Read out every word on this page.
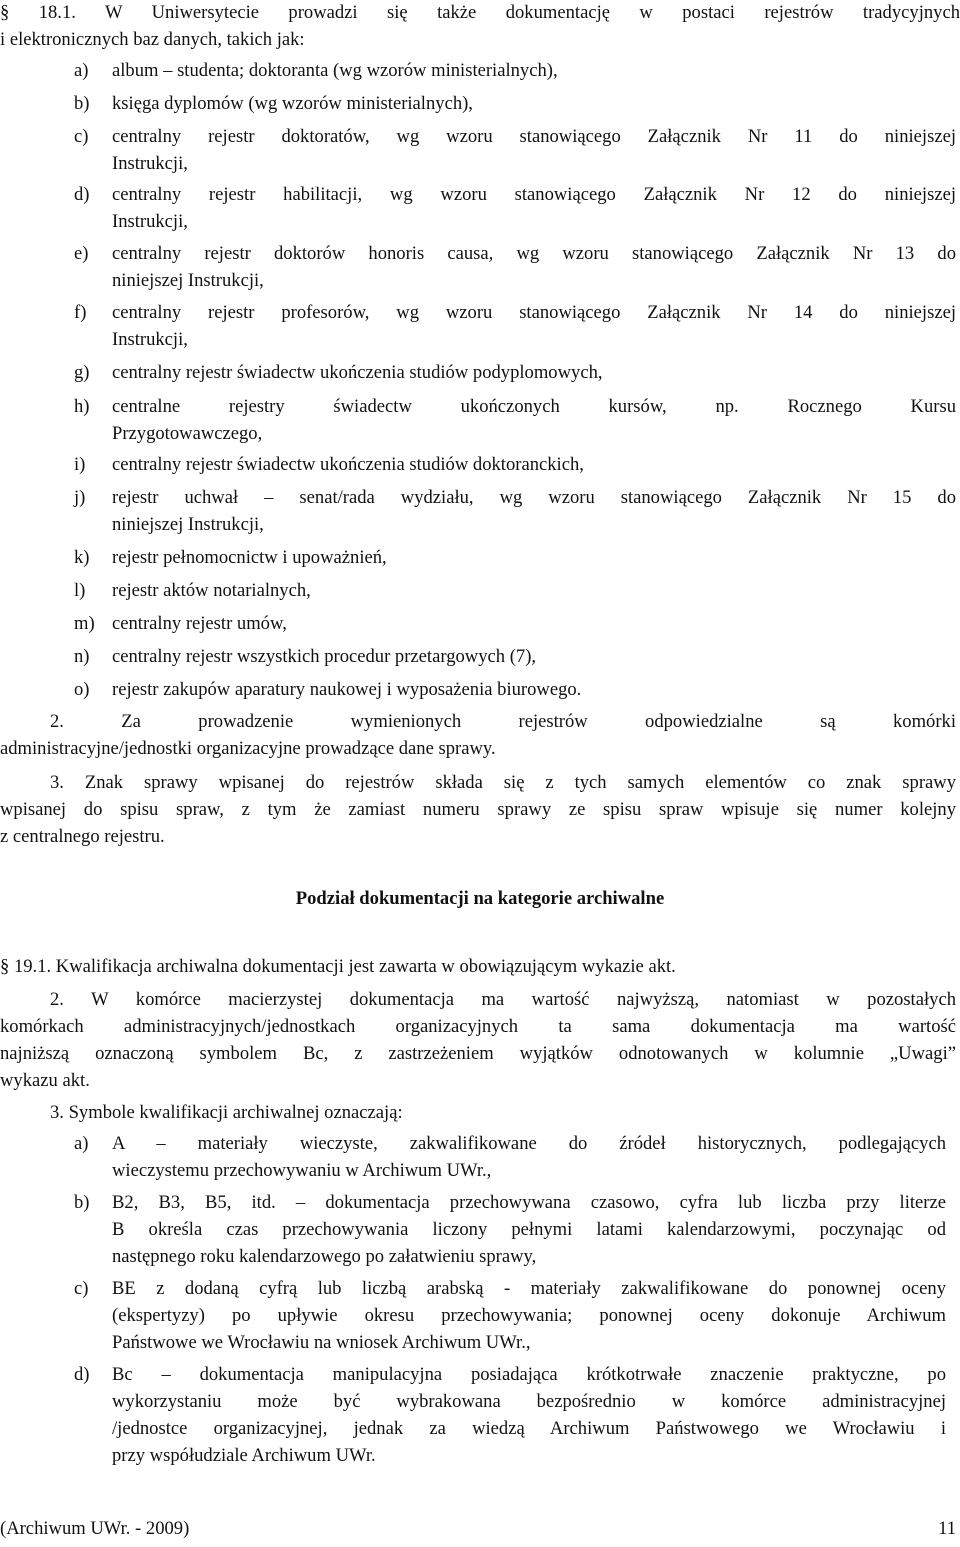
§ 18.1. W Uniwersytecie prowadzi się także dokumentację w postaci rejestrów tradycyjnych
i elektronicznych baz danych, takich jak:
a) album – studenta; doktoranta (wg wzorów ministerialnych),
b) księga dyplomów (wg wzorów ministerialnych),
c) centralny rejestr doktoratów, wg wzoru stanowiącego Załącznik Nr 11 do niniejszej
Instrukcji,
d) centralny rejestr habilitacji, wg wzoru stanowiącego Załącznik Nr 12 do niniejszej
Instrukcji,
e) centralny rejestr doktorów honoris causa, wg wzoru stanowiącego Załącznik Nr 13 do
niniejszej Instrukcji,
f) centralny rejestr profesorów, wg wzoru stanowiącego Załącznik Nr 14 do niniejszej
Instrukcji,
g) centralny rejestr świadectw ukończenia studiów podyplomowych,
h) centralne rejestry świadectw ukończonych kursów, np. Rocznego Kursu
Przygotowawczego,
i) centralny rejestr świadectw ukończenia studiów doktoranckich,
j) rejestr uchwał – senat/rada wydziału, wg wzoru stanowiącego Załącznik Nr 15 do
niniejszej Instrukcji,
k) rejestr pełnomocnictw i upoważnień,
l) rejestr aktów notarialnych,
m) centralny rejestr umów,
n) centralny rejestr wszystkich procedur przetargowych (7),
o) rejestr zakupów aparatury naukowej i wyposażenia biurowego.
2. Za prowadzenie wymienionych rejestrów odpowiedzialne są komórki
administracyjne/jednostki organizacyjne prowadzące dane sprawy.
3. Znak sprawy wpisanej do rejestrów składa się z tych samych elementów co znak sprawy
wpisanej do spisu spraw, z tym że zamiast numeru sprawy ze spisu spraw wpisuje się numer kolejny
z centralnego rejestru.
Podział dokumentacji na kategorie archiwalne
§ 19.1. Kwalifikacja archiwalna dokumentacji jest zawarta w obowiązującym wykazie akt.
2. W komórce macierzystej dokumentacja ma wartość najwyższą, natomiast w pozostałych
komórkach administracyjnych/jednostkach organizacyjnych ta sama dokumentacja ma wartość
najniższą oznaczoną symbolem Bc, z zastrzeżeniem wyjątków odnotowanych w kolumnie „Uwagi”
wykazu akt.
3. Symbole kwalifikacji archiwalnej oznaczają:
a) A – materiały wieczyste, zakwalifikowane do źródeł historycznych, podlegających
wieczystemu przechowywaniu w Archiwum UWr.,
b) B2, B3, B5, itd. – dokumentacja przechowywana czasowo, cyfra lub liczba przy literze
B określa czas przechowywania liczony pełnymi latami kalendarzowymi, poczynając od
następnego roku kalendarzowego po załatwieniu sprawy,
c) BE z dodaną cyfrą lub liczbą arabską - materiały zakwalifikowane do ponownej oceny
(ekspertyzy) po upływie okresu przechowywania; ponownej oceny dokonuje Archiwum
Państwowe we Wrocławiu na wniosek Archiwum UWr.,
d) Bc – dokumentacja manipulacyjna posiadająca krótkotrwałe znaczenie praktyczne, po
wykorzystaniu może być wybrakowana bezpośrednio w komórce administracyjnej
/jednostce organizacyjnej, jednak za wiedzą Archiwum Państwowego we Wrocławiu i
przy współudziale Archiwum UWr.
(Archiwum UWr. - 2009)	11
